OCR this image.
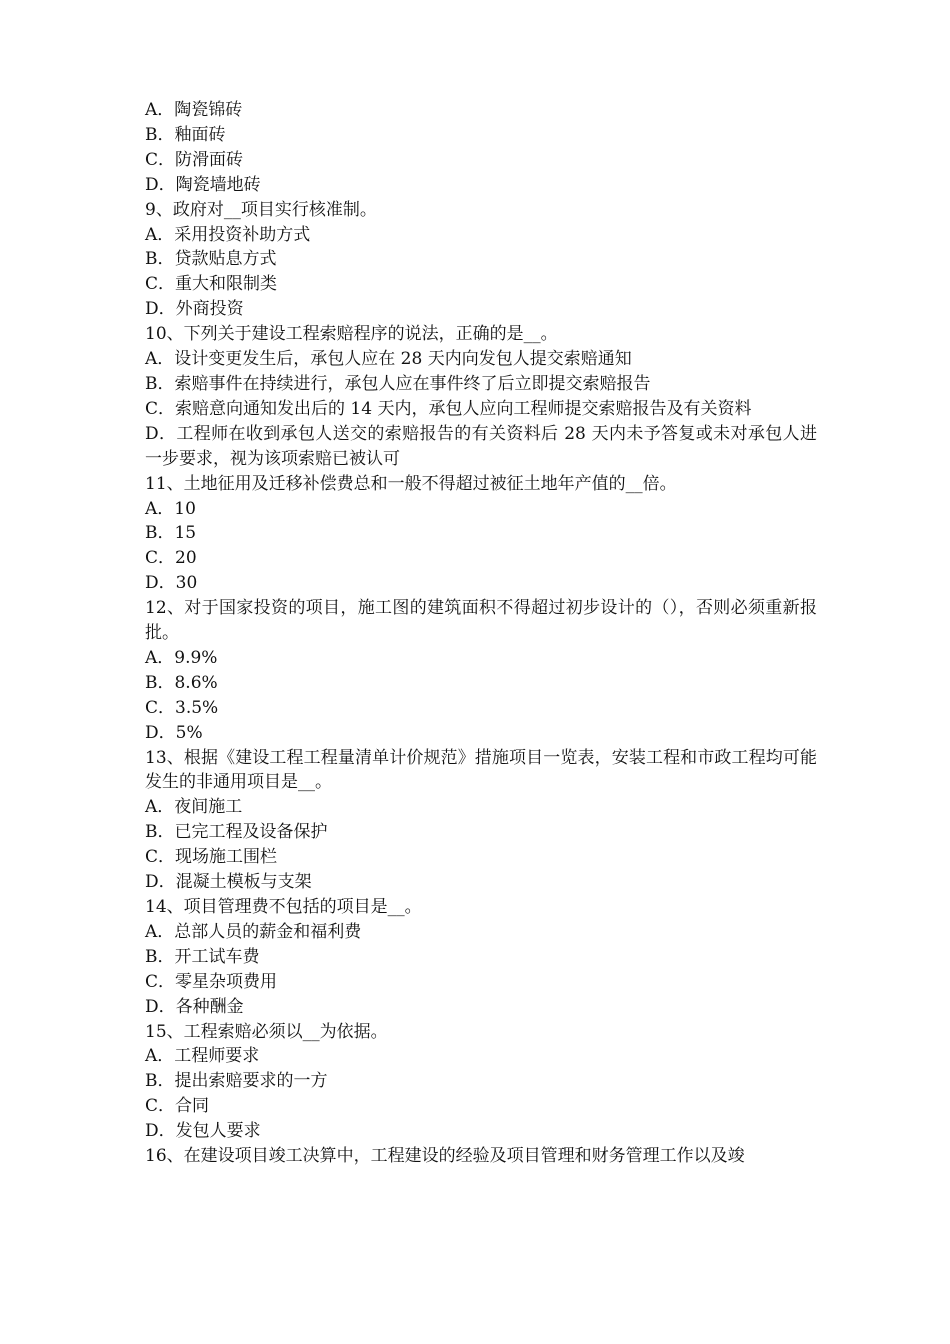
A．陶瓷锦砖
B．釉面砖
C．防滑面砖
D．陶瓷墙地砖
9、政府对__项目实行核准制。
A．采用投资补助方式
B．贷款贴息方式
C．重大和限制类
D．外商投资
10、下列关于建设工程索赔程序的说法，正确的是__。
A．设计变更发生后，承包人应在 28 天内向发包人提交索赔通知
B．索赔事件在持续进行，承包人应在事件终了后立即提交索赔报告
C．索赔意向通知发出后的 14 天内，承包人应向工程师提交索赔报告及有关资料
D．工程师在收到承包人送交的索赔报告的有关资料后 28 天内未予答复或未对承包人进一步要求，视为该项索赔已被认可
11、土地征用及迁移补偿费总和一般不得超过被征土地年产值的__倍。
A．10
B．15
C．20
D．30
12、对于国家投资的项目，施工图的建筑面积不得超过初步设计的（），否则必须重新报批。
A．9.9%
B．8.6%
C．3.5%
D．5%
13、根据《建设工程工程量清单计价规范》措施项目一览表，安装工程和市政工程均可能发生的非通用项目是__。
A．夜间施工
B．已完工程及设备保护
C．现场施工围栏
D．混凝土模板与支架
14、项目管理费不包括的项目是__。
A．总部人员的薪金和福利费
B．开工试车费
C．零星杂项费用
D．各种酬金
15、工程索赔必须以__为依据。
A．工程师要求
B．提出索赔要求的一方
C．合同
D．发包人要求
16、在建设项目竣工决算中，工程建设的经验及项目管理和财务管理工作以及竣
